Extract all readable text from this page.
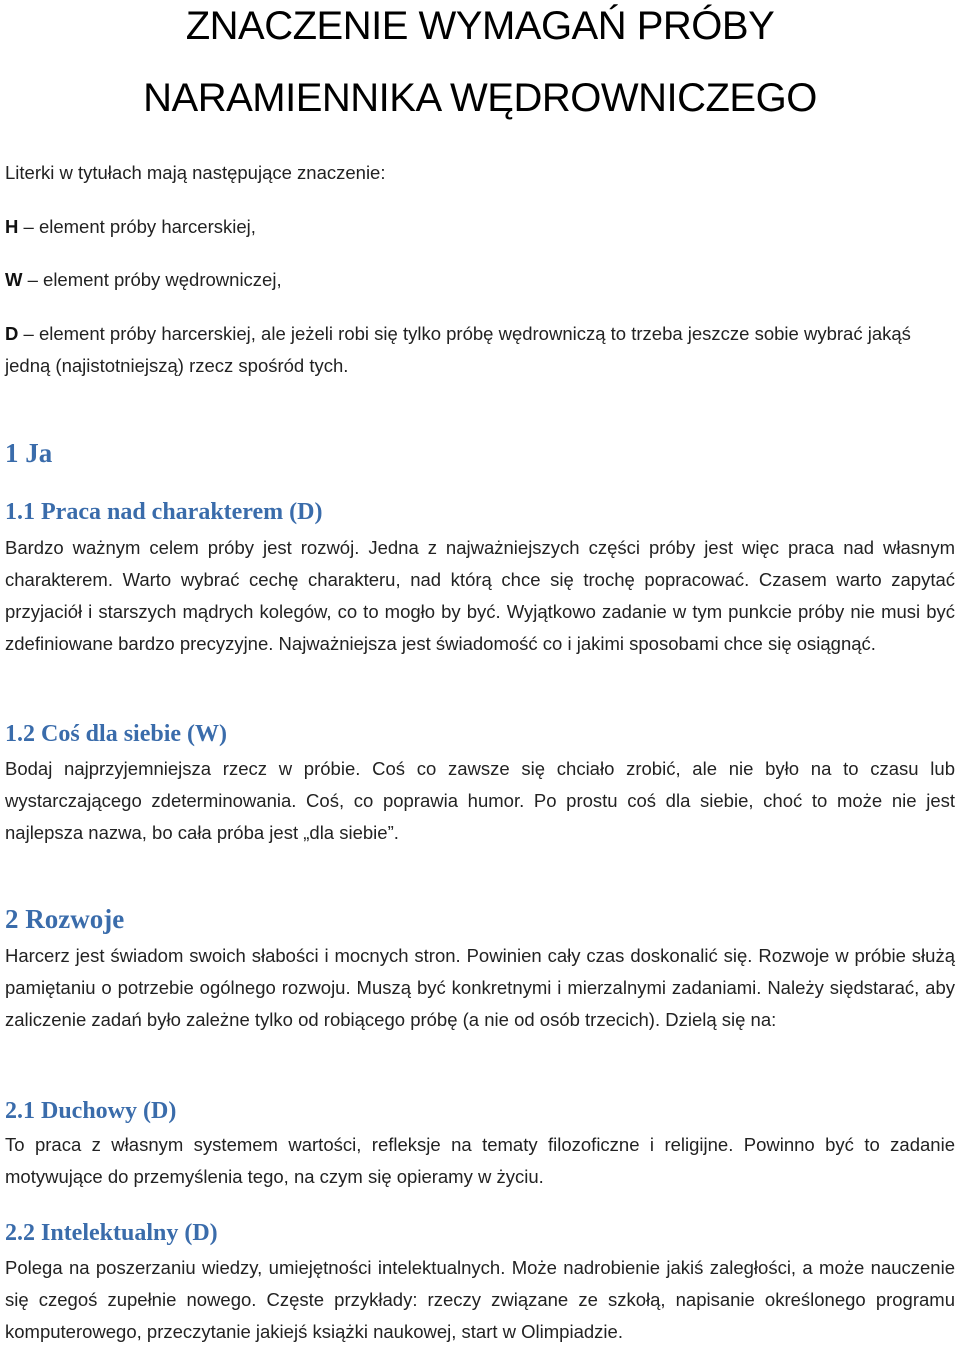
ZNACZENIE WYMAGAŃ PRÓBY
NARAMIENNIKA WĘDROWNICZEGO

Literki w tytułach mają następujące znaczenie:

H – element próby harcerskiej,

W – element próby wędrowniczej,

D – element próby harcerskiej, ale jeżeli robi się tylko próbę wędrowniczą to trzeba jeszcze sobie wybrać jakąś jedną (najistotniejszą) rzecz spośród tych.

1 Ja
1.1 Praca nad charakterem (D)

Bardzo ważnym celem próby jest rozwój. Jedna z najważniejszych części próby jest więc praca nad własnym charakterem. Warto wybrać cechę charakteru, nad którą chce się trochę popracować. Czasem warto zapytać przyjaciół i starszych mądrych kolegów, co to mogło by być. Wyjątkowo zadanie w tym punkcie próby nie musi być zdefiniowane bardzo precyzyjne. Najważniejsza jest świadomość co i jakimi sposobami chce się osiągnąć.

1.2 Coś dla siebie (W)

Bodaj najprzyjemniejsza rzecz w próbie. Coś co zawsze się chciało zrobić, ale nie było na to czasu lub wystarczającego zdeterminowania. Coś, co poprawia humor. Po prostu coś dla siebie, choć to może nie jest najlepsza nazwa, bo cała próba jest „dla siebie”.

2 Rozwoje

Harcerz jest świadom swoich słabości i mocnych stron. Powinien cały czas doskonalić się. Rozwoje w próbie służą pamiętaniu o potrzebie ogólnego rozwoju. Muszą być konkretnymi i mierzalnymi zadaniami. Należy siędstarać, aby zaliczenie zadań było zależne tylko od robiącego próbę (a nie od osób trzecich). Dzielą się na:

2.1 Duchowy (D)

To praca z własnym systemem wartości, refleksje na tematy filozoficzne i religijne. Powinno być to zadanie motywujące do przemyślenia tego, na czym się opieramy w życiu.

2.2 Intelektualny (D)

Polega na poszerzaniu wiedzy, umiejętności intelektualnych. Może nadrobienie jakiś zaległości, a może nauczenie się czegoś zupełnie nowego. Częste przykłady: rzeczy związane ze szkołą, napisanie określonego programu komputerowego, przeczytanie jakiejś książki naukowej, start w Olimpiadzie.
